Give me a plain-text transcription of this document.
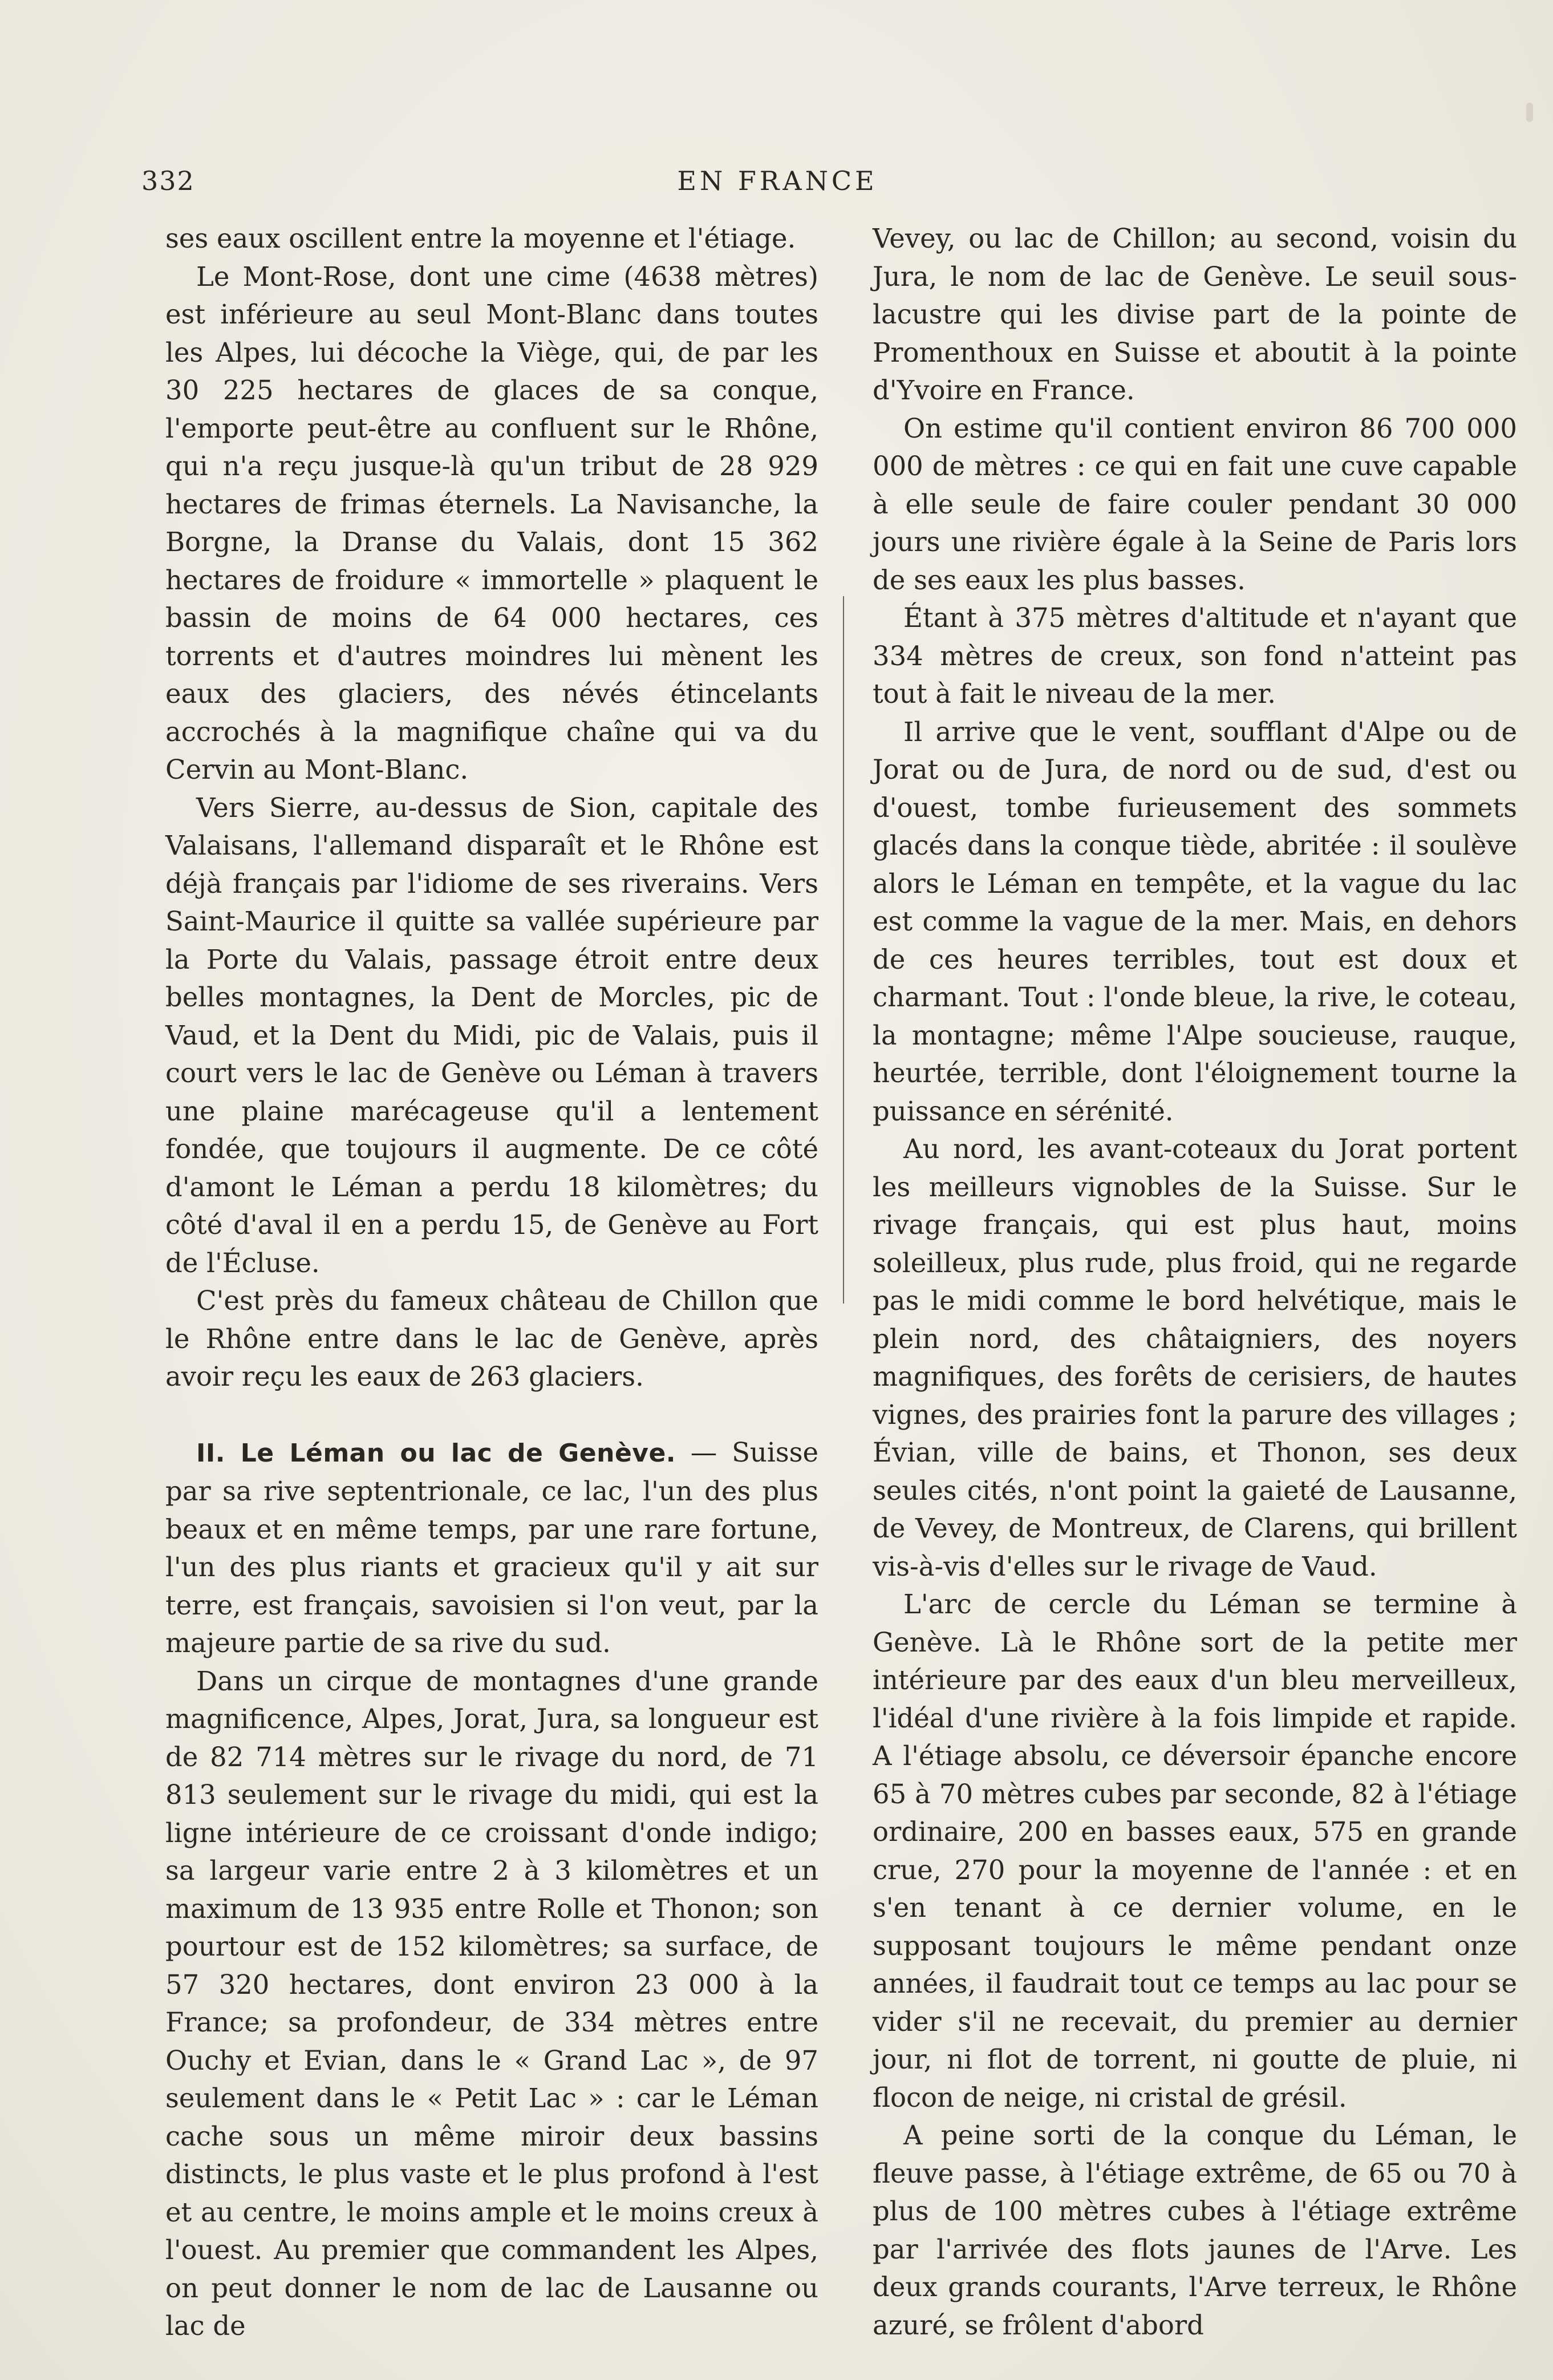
332	EN FRANCE

ses eaux oscillent entre la moyenne et l'étiage.

Le Mont-Rose, dont une cime (4638 mètres) est inférieure au seul Mont-Blanc dans toutes les Alpes, lui décoche la Viège, qui, de par les 30 225 hectares de glaces de sa conque, l'emporte peut-être au confluent sur le Rhône, qui n'a reçu jusque-là qu'un tribut de 28 929 hectares de frimas éternels. La Navisanche, la Borgne, la Dranse du Valais, dont 15 362 hectares de froidure « immortelle » plaquent le bassin de moins de 64 000 hectares, ces torrents et d'autres moindres lui mènent les eaux des glaciers, des névés étincelants accrochés à la magnifique chaîne qui va du Cervin au Mont-Blanc.

Vers Sierre, au-dessus de Sion, capitale des Valaisans, l'allemand disparaît et le Rhône est déjà français par l'idiome de ses riverains. Vers Saint-Maurice il quitte sa vallée supérieure par la Porte du Valais, passage étroit entre deux belles montagnes, la Dent de Morcles, pic de Vaud, et la Dent du Midi, pic de Valais, puis il court vers le lac de Genève ou Léman à travers une plaine marécageuse qu'il a lentement fondée, que toujours il augmente. De ce côté d'amont le Léman a perdu 18 kilomètres; du côté d'aval il en a perdu 15, de Genève au Fort de l'Écluse.

C'est près du fameux château de Chillon que le Rhône entre dans le lac de Genève, après avoir reçu les eaux de 263 glaciers.

II. Le Léman ou lac de Genève. — Suisse par sa rive septentrionale, ce lac, l'un des plus beaux et en même temps, par une rare fortune, l'un des plus riants et gracieux qu'il y ait sur terre, est français, savoisien si l'on veut, par la majeure partie de sa rive du sud.

Dans un cirque de montagnes d'une grande magnificence, Alpes, Jorat, Jura, sa longueur est de 82 714 mètres sur le rivage du nord, de 71 813 seulement sur le rivage du midi, qui est la ligne intérieure de ce croissant d'onde indigo; sa largeur varie entre 2 à 3 kilomètres et un maximum de 13 935 entre Rolle et Thonon; son pourtour est de 152 kilomètres; sa surface, de 57 320 hectares, dont environ 23 000 à la France; sa profondeur, de 334 mètres entre Ouchy et Evian, dans le « Grand Lac », de 97 seulement dans le « Petit Lac » : car le Léman cache sous un même miroir deux bassins distincts, le plus vaste et le plus profond à l'est et au centre, le moins ample et le moins creux à l'ouest. Au premier que commandent les Alpes, on peut donner le nom de lac de Lausanne ou lac de

Vevey, ou lac de Chillon; au second, voisin du Jura, le nom de lac de Genève. Le seuil sous-lacustre qui les divise part de la pointe de Promenthoux en Suisse et aboutit à la pointe d'Yvoire en France.

On estime qu'il contient environ 86 700 000 000 de mètres : ce qui en fait une cuve capable à elle seule de faire couler pendant 30 000 jours une rivière égale à la Seine de Paris lors de ses eaux les plus basses.

Étant à 375 mètres d'altitude et n'ayant que 334 mètres de creux, son fond n'atteint pas tout à fait le niveau de la mer.

Il arrive que le vent, soufflant d'Alpe ou de Jorat ou de Jura, de nord ou de sud, d'est ou d'ouest, tombe furieusement des sommets glacés dans la conque tiède, abritée : il soulève alors le Léman en tempête, et la vague du lac est comme la vague de la mer. Mais, en dehors de ces heures terribles, tout est doux et charmant. Tout : l'onde bleue, la rive, le coteau, la montagne; même l'Alpe soucieuse, rauque, heurtée, terrible, dont l'éloignement tourne la puissance en sérénité.

Au nord, les avant-coteaux du Jorat portent les meilleurs vignobles de la Suisse. Sur le rivage français, qui est plus haut, moins soleilleux, plus rude, plus froid, qui ne regarde pas le midi comme le bord helvétique, mais le plein nord, des châtaigniers, des noyers magnifiques, des forêts de cerisiers, de hautes vignes, des prairies font la parure des villages ; Évian, ville de bains, et Thonon, ses deux seules cités, n'ont point la gaieté de Lausanne, de Vevey, de Montreux, de Clarens, qui brillent vis-à-vis d'elles sur le rivage de Vaud.

L'arc de cercle du Léman se termine à Genève. Là le Rhône sort de la petite mer intérieure par des eaux d'un bleu merveilleux, l'idéal d'une rivière à la fois limpide et rapide. A l'étiage absolu, ce déversoir épanche encore 65 à 70 mètres cubes par seconde, 82 à l'étiage ordinaire, 200 en basses eaux, 575 en grande crue, 270 pour la moyenne de l'année : et en s'en tenant à ce dernier volume, en le supposant toujours le même pendant onze années, il faudrait tout ce temps au lac pour se vider s'il ne recevait, du premier au dernier jour, ni flot de torrent, ni goutte de pluie, ni flocon de neige, ni cristal de grésil.

A peine sorti de la conque du Léman, le fleuve passe, à l'étiage extrême, de 65 ou 70 à plus de 100 mètres cubes à l'étiage extrême par l'arrivée des flots jaunes de l'Arve. Les deux grands courants, l'Arve terreux, le Rhône azuré, se frôlent d'abord
